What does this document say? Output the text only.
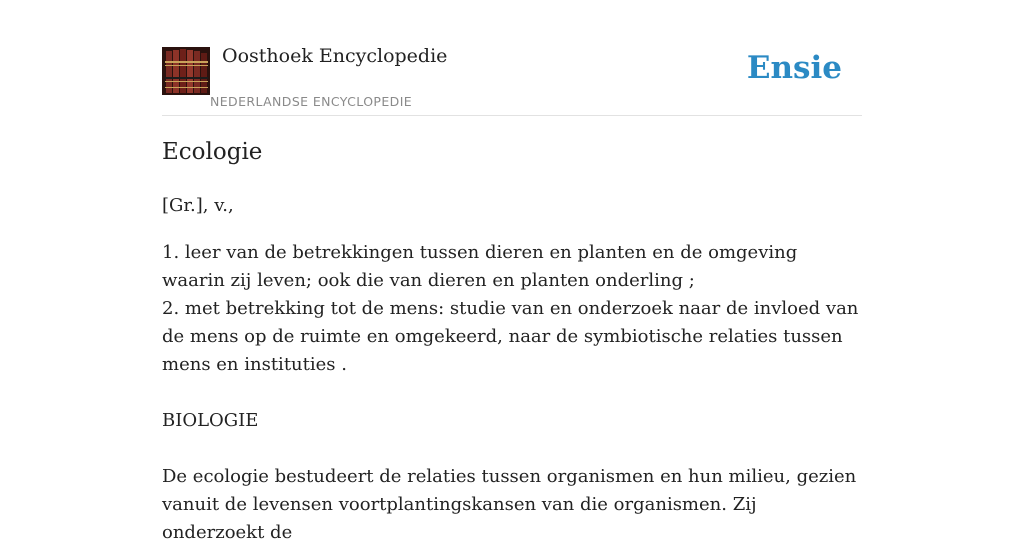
Oosthoek Encyclopedie
NEDERLANDSE ENCYCLOPEDIE
Ensie
Ecologie

[Gr.], v.,

1. leer van de betrekkingen tussen dieren en planten en de omgeving waarin zij leven; ook die van dieren en planten onderling ;

2. met betrekking tot de mens: studie van en onderzoek naar de invloed van de mens op de ruimte en omgekeerd, naar de symbiotische relaties tussen mens en instituties .

BIOLOGIE

De ecologie bestudeert de relaties tussen organismen en hun milieu, gezien vanuit de levensen voortplantingskansen van die organismen. Zij onderzoekt de
